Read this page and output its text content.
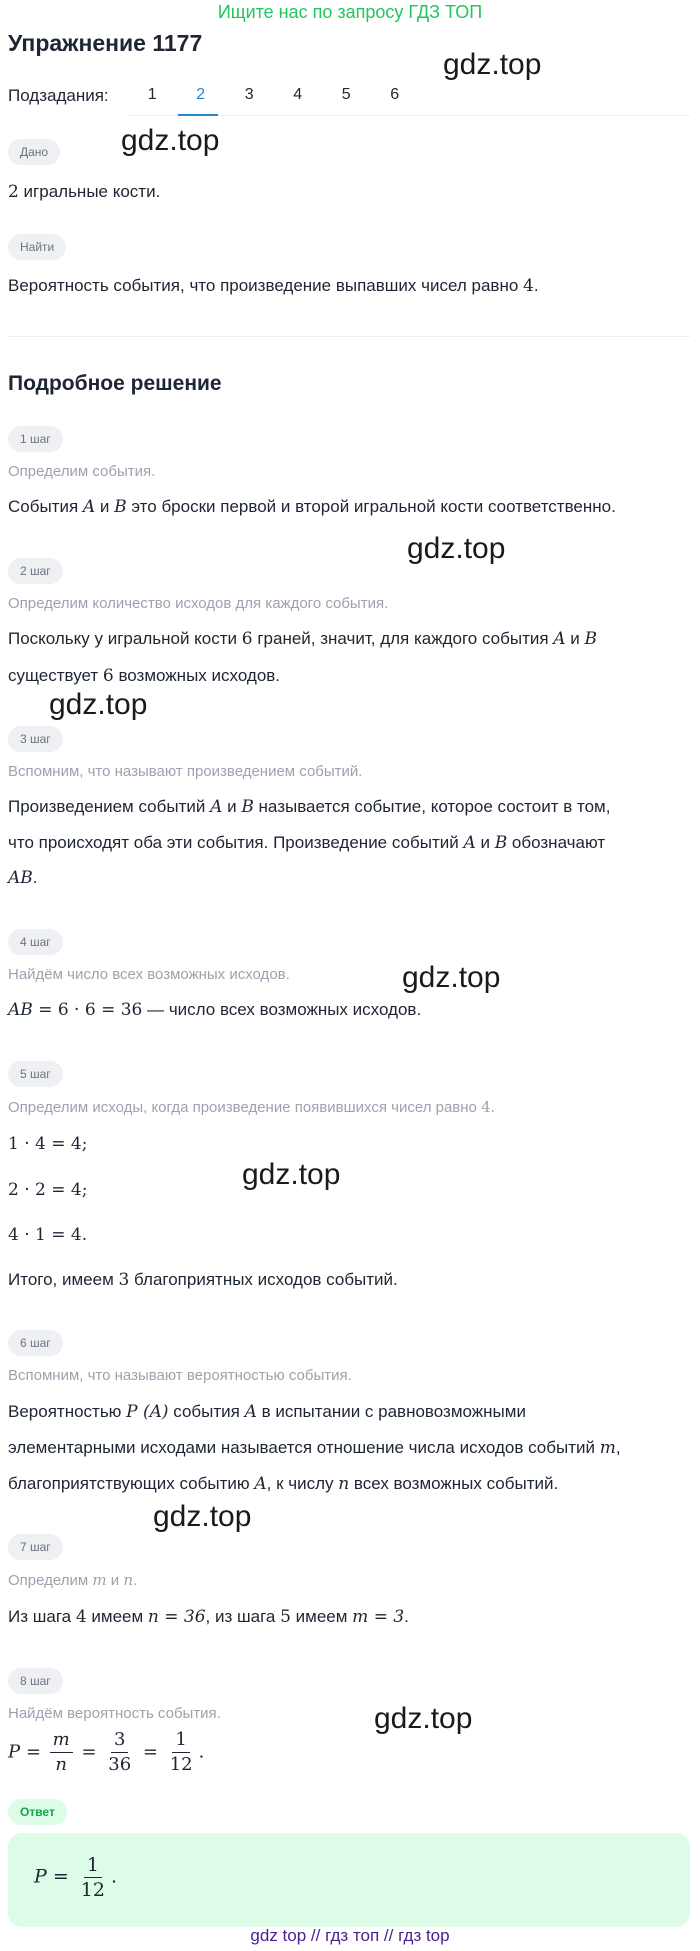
Ищите нас по запросу ГДЗ ТОП
Упражнение 1177
Подзадания:	1	2	3	4	5	6
gdz.top
gdz.top
gdz.top
gdz.top
gdz.top
gdz.top
gdz.top
gdz.top
Дано
2 игральные кости.
Найти
Вероятность события, что произведение выпавших чисел равно 4.
Подробное решение
1 шаг
Определим события.
События A и B это броски первой и второй игральной кости соответственно.
2 шаг
Определим количество исходов для каждого события.
Поскольку у игральной кости 6 граней, значит, для каждого события A и B
существует 6 возможных исходов.
3 шаг
Вспомним, что называют произведением событий.
Произведением событий A и B называется событие, которое состоит в том,
что происходят оба эти события. Произведение событий A и B обозначают
AB.
4 шаг
Найдём число всех возможных исходов.
AB = 6 · 6 = 36 — число всех возможных исходов.
5 шаг
Определим исходы, когда произведение появившихся чисел равно 4.
1 · 4 = 4;
2 · 2 = 4;
4 · 1 = 4.
Итого, имеем 3 благоприятных исходов событий.
6 шаг
Вспомним, что называют вероятностью события.
Вероятностью P (A) события A в испытании с равновозможными
элементарными исходами называется отношение числа исходов событий m,
благоприятствующих событию A, к числу n всех возможных событий.
7 шаг
Определим m и n.
Из шага 4 имеем n = 36, из шага 5 имеем m = 3.
8 шаг
Найдём вероятность события.
$P = \frac{m}{n} = \frac{3}{36} = \frac{1}{12}$ .
Ответ
$P = \frac{1}{12}$ .
gdz top // гдз топ // гдз top
